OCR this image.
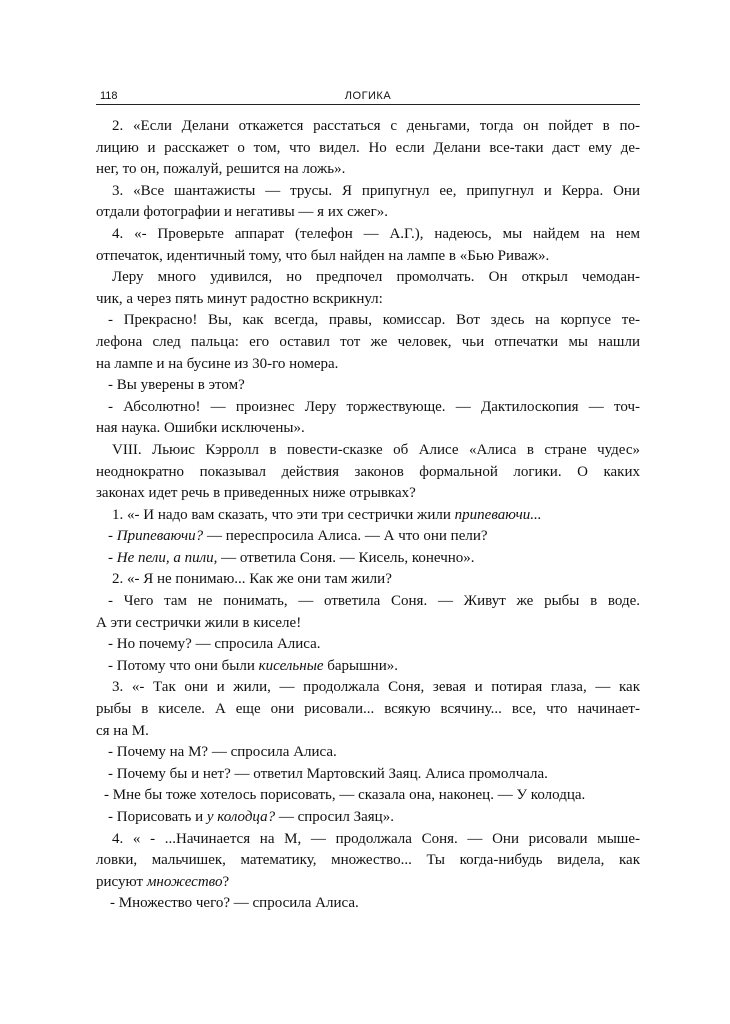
118	ЛОГИКА
2. «Если Делани откажется расстаться с деньгами, тогда он пойдет в по-
лицию и расскажет о том, что видел. Но если Делани все-таки даст ему де-
нег, то он, пожалуй, решится на ложь».
3. «Все шантажисты — трусы. Я припугнул ее, припугнул и Керра. Они
отдали фотографии и негативы — я их сжег».
4. «- Проверьте аппарат (телефон — А.Г.), надеюсь, мы найдем на нем
отпечаток, идентичный тому, что был найден на лампе в «Бью Риваж».
Леру много удивился, но предпочел промолчать. Он открыл чемодан-
чик, а через пять минут радостно вскрикнул:
- Прекрасно! Вы, как всегда, правы, комиссар. Вот здесь на корпусе те-
лефона след пальца: его оставил тот же человек, чьи отпечатки мы нашли
на лампе и на бусине из 30-го номера.
- Вы уверены в этом?
- Абсолютно! — произнес Леру торжествующе. — Дактилоскопия — точ-
ная наука. Ошибки исключены».
VIII. Льюис Кэрролл в повести-сказке об Алисе «Алиса в стране чудес»
неоднократно показывал действия законов формальной логики. О каких
законах идет речь в приведенных ниже отрывках?
1. «- И надо вам сказать, что эти три сестрички жили припеваючи...
- Припеваючи? — переспросила Алиса. — А что они пели?
- Не пели, а пили, — ответила Соня. — Кисель, конечно».
2. «- Я не понимаю... Как же они там жили?
- Чего там не понимать, — ответила Соня. — Живут же рыбы в воде.
А эти сестрички жили в киселе!
- Но почему? — спросила Алиса.
- Потому что они были кисельные барышни».
3. «- Так они и жили, — продолжала Соня, зевая и потирая глаза, — как
рыбы в киселе. А еще они рисовали... всякую всячину... все, что начинает-
ся на М.
- Почему на М? — спросила Алиса.
- Почему бы и нет? — ответил Мартовский Заяц. Алиса промолчала.
- Мне бы тоже хотелось порисовать, — сказала она, наконец. — У колодца.
- Порисовать и у колодца? — спросил Заяц».
4. « - ...Начинается на М, — продолжала Соня. — Они рисовали мыше-
ловки, мальчишек, математику, множество... Ты когда-нибудь видела, как
рисуют множество?
- Множество чего? — спросила Алиса.
